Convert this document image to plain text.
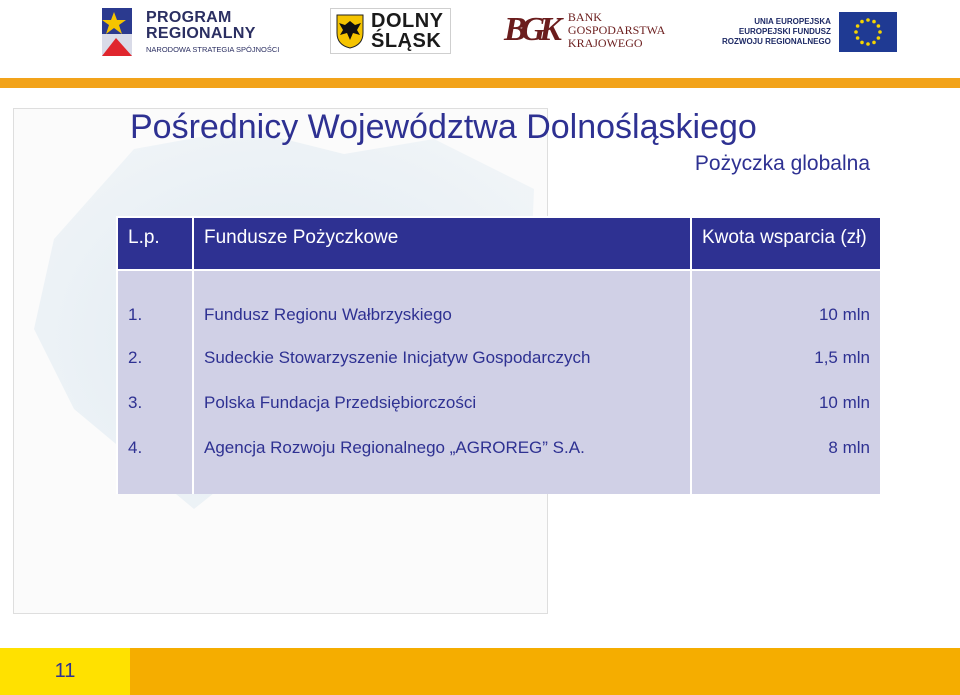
PROGRAM
REGIONALNY
NARODOWA STRATEGIA SPÓJNOŚCI
DOLNY
ŚLĄSK BGK BANK
GOSPODARSTWA
KRAJOWEGO
UNIA EUROPEJSKA
EUROPEJSKI FUNDUSZ
ROZWOJU REGIONALNEGO
Pośrednicy Województwa Dolnośląskiego
Pożyczka globalna
L.p.	Fundusze Pożyczkowe	Kwota wsparcia (zł)
1.	Fundusz Regionu Wałbrzyskiego	10 mln
2.	Sudeckie Stowarzyszenie Inicjatyw Gospodarczych	1,5 mln
3.	Polska Fundacja Przedsiębiorczości	10 mln
4.	Agencja Rozwoju Regionalnego „AGROREG” S.A.	8 mln
11
